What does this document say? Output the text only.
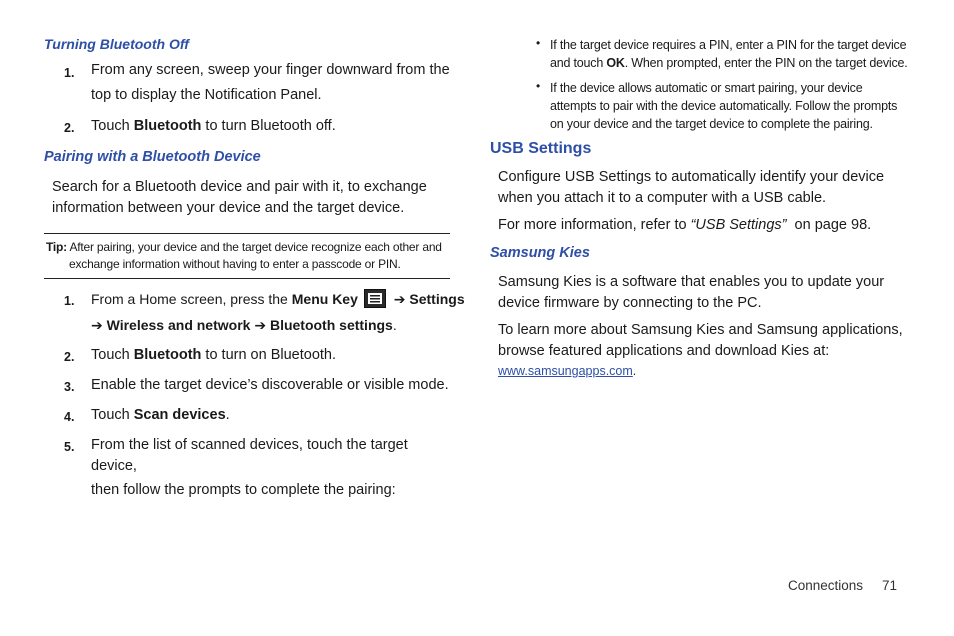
Turning Bluetooth Off
1. From any screen, sweep your finger downward from the
top to display the Notification Panel.
2. Touch Bluetooth to turn Bluetooth off.
Pairing with a Bluetooth Device
Search for a Bluetooth device and pair with it, to exchange
information between your device and the target device.
Tip: After pairing, your device and the target device recognize each other and
exchange information without having to enter a passcode or PIN.
1. From a Home screen, press the Menu Key
➔ Settings
➔ Wireless and network ➔ Bluetooth settings.
2. Touch Bluetooth to turn on Bluetooth.
3. Enable the target device’s discoverable or visible mode.
4. Touch Scan devices.
5. From the list of scanned devices, touch the target device,
then follow the prompts to complete the pairing:
• If the target device requires a PIN, enter a PIN for the target device
and touch OK. When prompted, enter the PIN on the target device.
• If the device allows automatic or smart pairing, your device
attempts to pair with the device automatically. Follow the prompts
on your device and the target device to complete the pairing.
USB Settings
Configure USB Settings to automatically identify your device
when you attach it to a computer with a USB cable.
For more information, refer to “USB Settings”  on page 98.
Samsung Kies
Samsung Kies is a software that enables you to update your
device firmware by connecting to the PC.
To learn more about Samsung Kies and Samsung applications,
browse featured applications and download Kies at:
www.samsungapps.com.
Connections 71
